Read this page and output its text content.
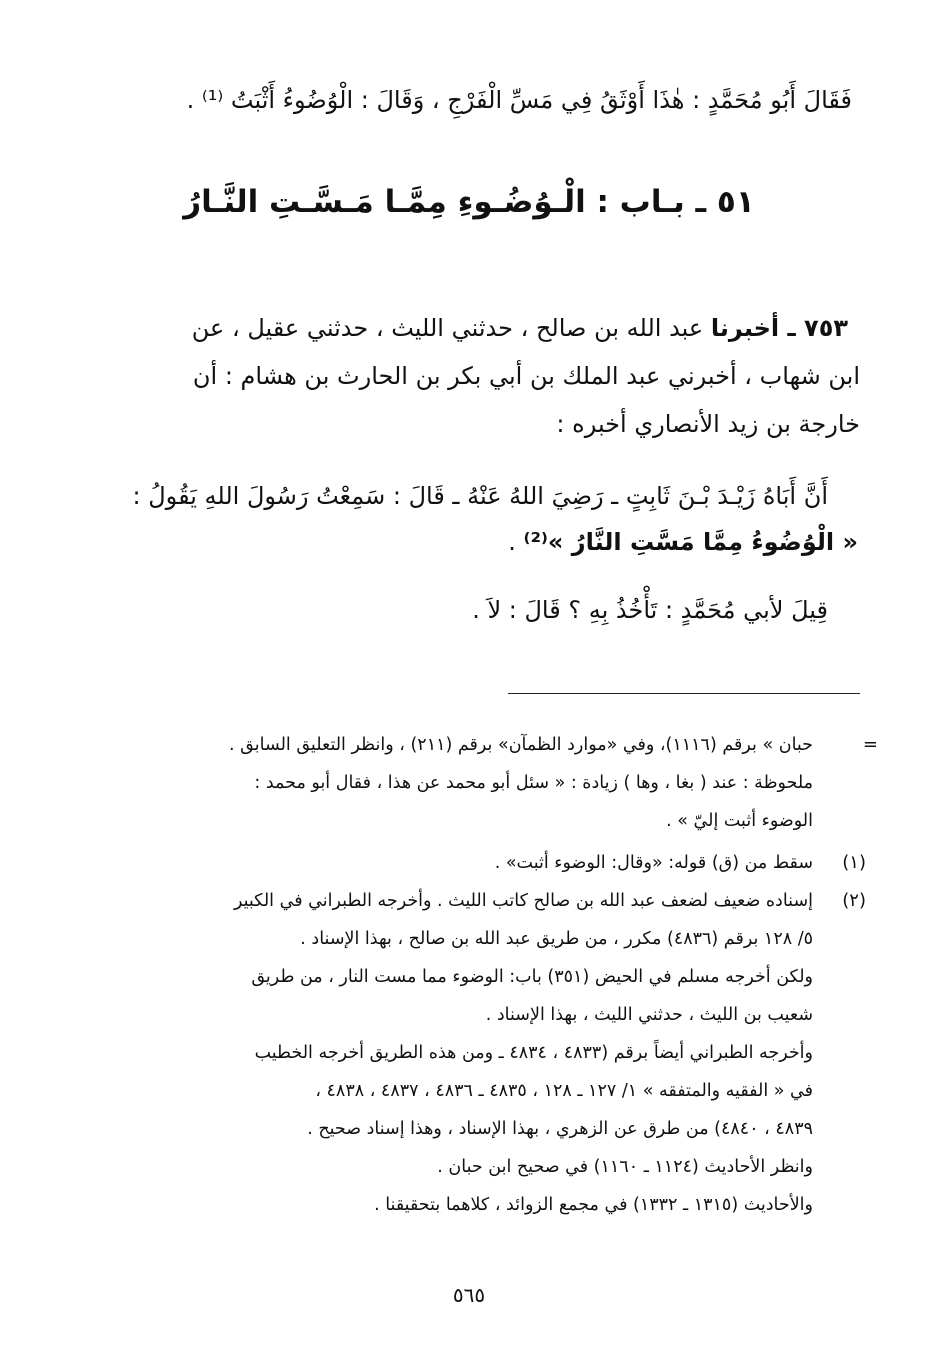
فَقَالَ أَبُو مُحَمَّدٍ : هٰذَا أَوْثَقُ فِي مَسِّ الْفَرْجِ ، وَقَالَ : الْوُضُوءُ أَثْبَتُ ⁽¹⁾ .
٥١ ـ بـاب : الْـوُضُـوءِ مِمَّـا مَـسَّـتِ النَّـارُ
٧٥٣ ـ أخبرنا عبد الله بن صالح ، حدثني الليث ، حدثني عقيل ، عن
ابن شهاب ، أخبرني عبد الملك بن أبي بكر بن الحارث بن هشام : أن
خارجة بن زيد الأنصاري أخبره :
أَنَّ أَبَاهُ زَيْـدَ بْـنَ ثَابِتٍ ـ رَضِيَ اللهُ عَنْهُ ـ قَالَ : سَمِعْتُ رَسُولَ اللهِ يَقُولُ :
« الْوُضُوءُ مِمَّا مَسَّتِ النَّارُ »⁽²⁾ .
قِيلَ لأبي مُحَمَّدٍ : تَأْخُذُ بِهِ ؟ قَالَ : لاَ .
=
حبان » برقم (١١١٦)، وفي «موارد الظمآن» برقم (٢١١) ، وانظر التعليق السابق .
ملحوظة : عند ( بغا ، وها ) زيادة : « سئل أبو محمد عن هذا ، فقال أبو محمد :
الوضوء أثبت إليّ » .
(١)
سقط من (ق) قوله: «وقال: الوضوء أثبت» .
(٢)
إسناده ضعيف لضعف عبد الله بن صالح كاتب الليث . وأخرجه الطبراني في الكبير
٥/ ١٢٨ برقم (٤٨٣٦) مكرر ، من طريق عبد الله بن صالح ، بهذا الإسناد .
ولكن أخرجه مسلم في الحيض (٣٥١) باب: الوضوء مما مست النار ، من طريق
شعيب بن الليث ، حدثني الليث ، بهذا الإسناد .
وأخرجه الطبراني أيضاً برقم (٤٨٣٣ ، ٤٨٣٤ ـ ومن هذه الطريق أخرجه الخطيب
في « الفقيه والمتفقه » ١/ ١٢٧ ـ ١٢٨ ، ٤٨٣٥ ـ ٤٨٣٦ ، ٤٨٣٧ ، ٤٨٣٨ ،
٤٨٣٩ ، ٤٨٤٠) من طرق عن الزهري ، بهذا الإسناد ، وهذا إسناد صحيح .
وانظر الأحاديث (١١٢٤ ـ ١١٦٠) في صحيح ابن حبان .
والأحاديث (١٣١٥ ـ ١٣٣٢) في مجمع الزوائد ، كلاهما بتحقيقنا .
٥٦٥
